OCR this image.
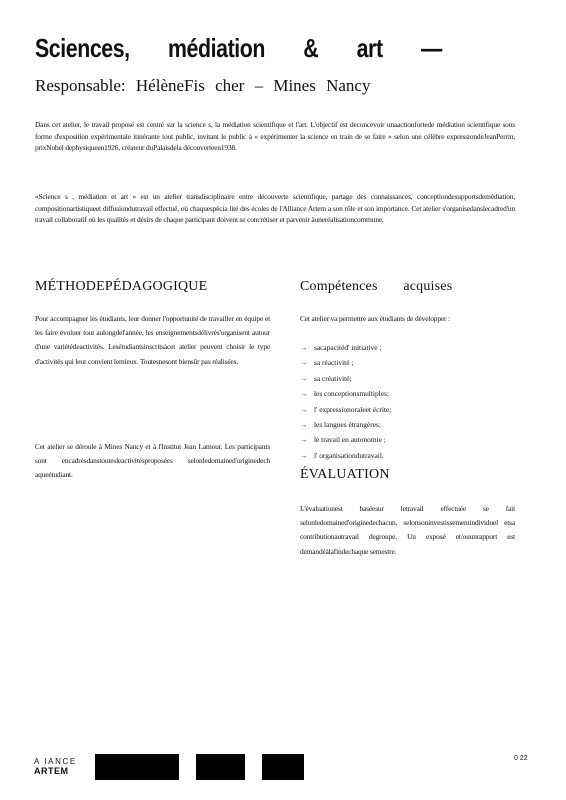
Sciences, médiation & art —
Responsable: HélèneFis cher – Mines Nancy

Dans cet atelier, le travail proposé est centré sur la science s, la médiation scientifique et l'art. L'objectif est deconcevoir unaactionfortede médiation scientifique sous forme d'exposition expérimentale itinérante tout public, invitant le public à « expérimenter la science en train de se faire » selon une célèbre expressiondeJeanPerrin, prixNobel dephysiqueen1926, créateur duPalaisdela découverteen1938.

«Science s , médiation et art » est un atelier transdisciplinaire entre découverte scientifique, partage des connaissances, conceptiondesupportsdemédiation, compositionartistiqueet diffusiondutravail effectué, où chaquespécia lité des écoles de l'Alliance Artem a son rôle et son importance. Cet atelier s'organisedanslecadred'un travail collaboratif où les qualités et désirs de chaque participant doivent se concrétiser et parvenir àuneréalisationcommune.

MÉTHODEPÉDAGOGIQUE

Pour accompagner les étudiants, leur donner l'opportunité de travailler en équipe et les faire évoluer tout aulongdel'année, les enseignementsdélivrés'organisent autour d'une variétédeactivités. Lesétudiantsinscritsàcet atelier peuvent choisir le type d'activités qui leur convient lemieux. Toutesnesont biensûr pas réalisées.

Cet atelier se déroule à Mines Nancy et à l'Institut Jean Lamour. Les participants sont encadrésdanstoutesleactivitésproposées selonledomained'originedech aqueétudiant.

Compétences acquises

Cet atelier va permettre aux étudiants de développer :

→ sacapacitéd' initiative ;
→ sa réactivité ;
→ sa créativité;
→ les conceptionsmultiples;
→ l' expressionoraleet écrite;
→ les langues étrangères;
→ le travail en autonomie ;
→ l' organisationdutravail.
ÉVALUATION

L'évaluationest baséesur letravail effectuée se fait selonledomained'originedechacun, selonsoninvestissementindividuel etsa contributionautravail degroupe. Un exposé et/ouunrapport est demandéàlafindechaque semestre.

A IANCE
ARTEM
0 22
